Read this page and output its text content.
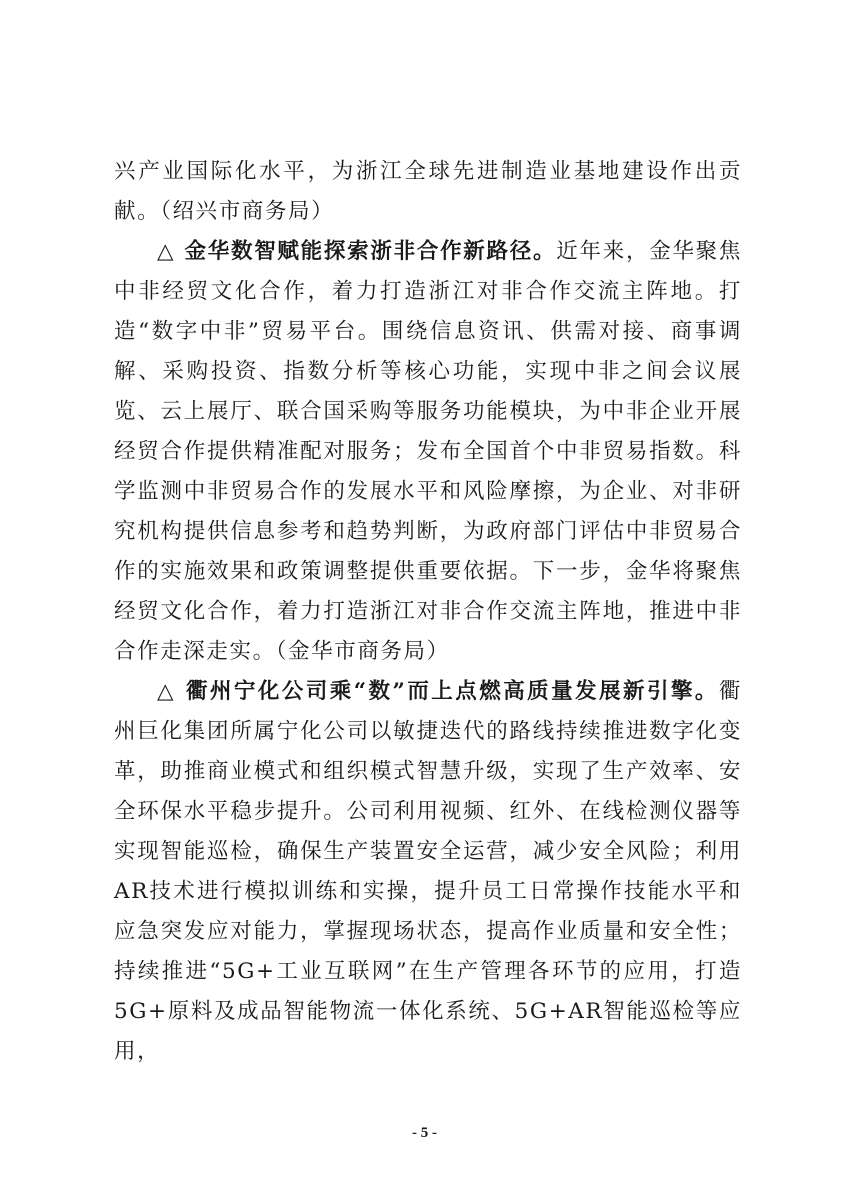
兴产业国际化水平，为浙江全球先进制造业基地建设作出贡献。（绍兴市商务局）

△ 金华数智赋能探索浙非合作新路径。近年来，金华聚焦中非经贸文化合作，着力打造浙江对非合作交流主阵地。打造“数字中非”贸易平台。围绕信息资讯、供需对接、商事调解、采购投资、指数分析等核心功能，实现中非之间会议展览、云上展厅、联合国采购等服务功能模块，为中非企业开展经贸合作提供精准配对服务；发布全国首个中非贸易指数。科学监测中非贸易合作的发展水平和风险摩擦，为企业、对非研究机构提供信息参考和趋势判断，为政府部门评估中非贸易合作的实施效果和政策调整提供重要依据。下一步，金华将聚焦经贸文化合作，着力打造浙江对非合作交流主阵地，推进中非合作走深走实。（金华市商务局）

△ 衢州宁化公司乘“数”而上点燃高质量发展新引擎。衢州巨化集团所属宁化公司以敏捷迭代的路线持续推进数字化变革，助推商业模式和组织模式智慧升级，实现了生产效率、安全环保水平稳步提升。公司利用视频、红外、在线检测仪器等实现智能巡检，确保生产装置安全运营，减少安全风险；利用AR技术进行模拟训练和实操，提升员工日常操作技能水平和应急突发应对能力，掌握现场状态，提高作业质量和安全性；持续推进“5G+工业互联网”在生产管理各环节的应用，打造5G+原料及成品智能物流一体化系统、5G+AR智能巡检等应用，

- 5 -
